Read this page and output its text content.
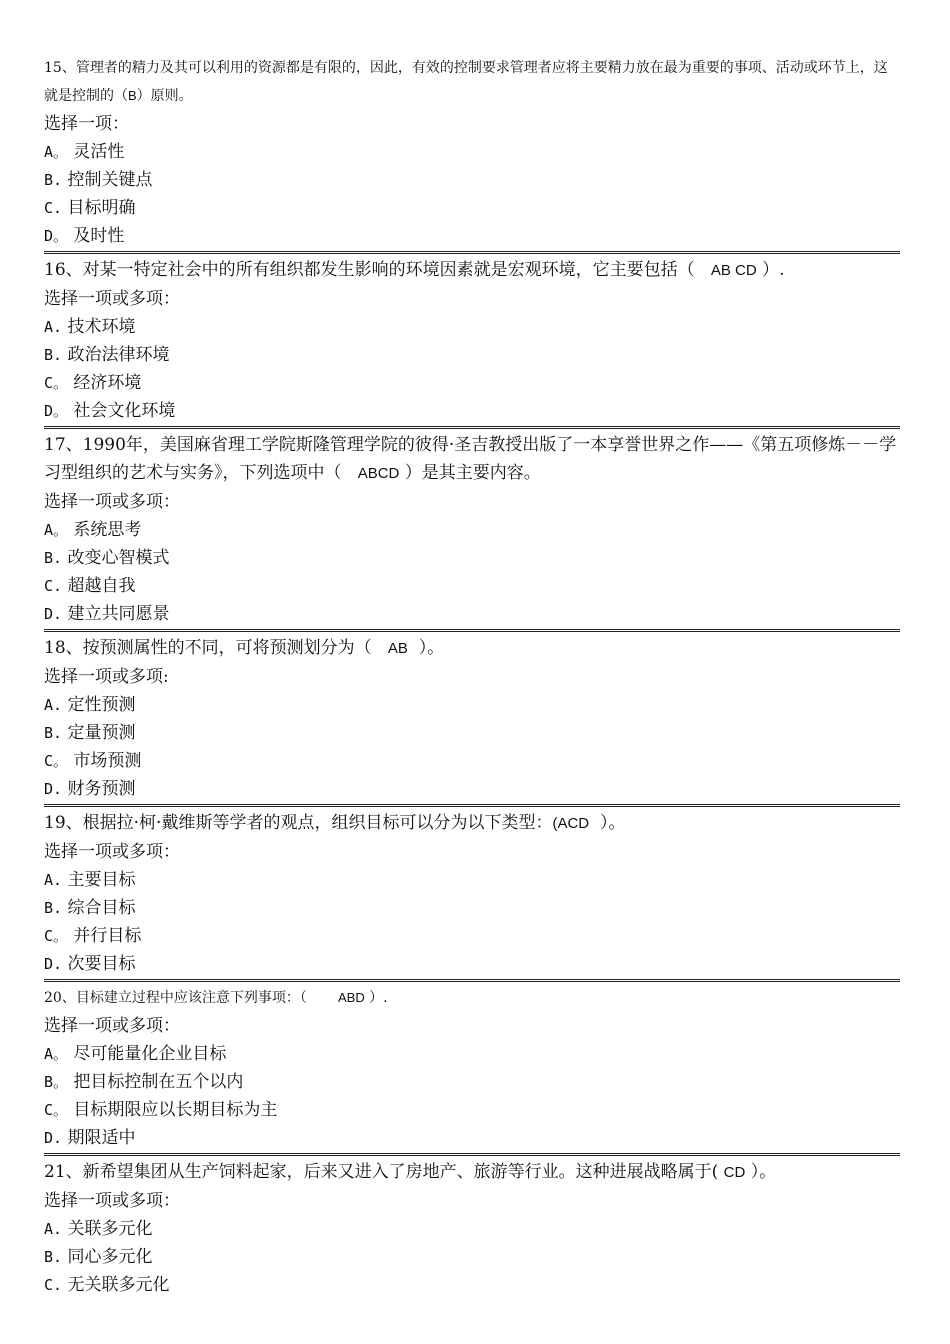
15、管理者的精力及其可以利用的资源都是有限的，因此，有效的控制要求管理者应将主要精力放在最为重要的事项、活动或环节上，这就是控制的（B）原则。
选择一项：
A。 灵活性
B. 控制关键点
C. 目标明确
D。 及时性
16、对某一特定社会中的所有组织都发生影响的环境因素就是宏观环境，它主要包括（ AB CD ）.
选择一项或多项：
A. 技术环境
B. 政治法律环境
C。 经济环境
D。 社会文化环境
17、1990年，美国麻省理工学院斯隆管理学院的彼得·圣吉教授出版了一本享誉世界之作——《第五项修炼－－学习型组织的艺术与实务》，下列选项中（ ABCD ）是其主要内容。
选择一项或多项：
A。 系统思考
B. 改变心智模式
C. 超越自我
D. 建立共同愿景
18、按预测属性的不同，可将预测划分为（ AB ）。
选择一项或多项:
A. 定性预测
B. 定量预测
C。 市场预测
D. 财务预测
19、根据拉·柯·戴维斯等学者的观点，组织目标可以分为以下类型：(ACD ）。
选择一项或多项：
A. 主要目标
B. 综合目标
C。 并行目标
D. 次要目标
20、目标建立过程中应该注意下列事项：（ ABD ）.
选择一项或多项：
A。 尽可能量化企业目标
B。 把目标控制在五个以内
C。 目标期限应以长期目标为主
D. 期限适中
21、新希望集团从生产饲料起家，后来又进入了房地产、旅游等行业。这种进展战略属于( CD ）。
选择一项或多项：
A. 关联多元化
B. 同心多元化
C. 无关联多元化
